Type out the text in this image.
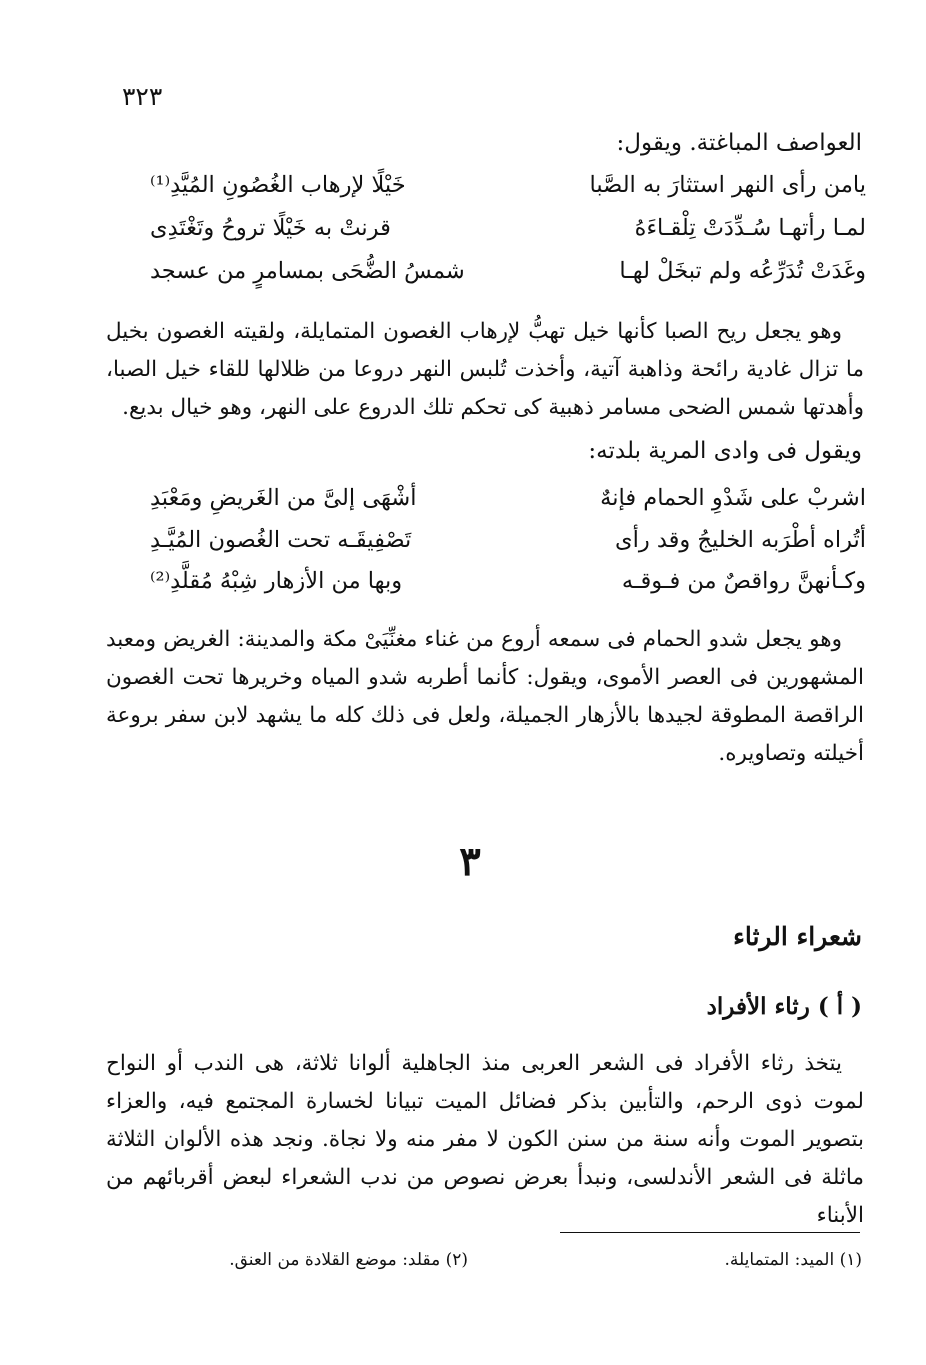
٣٢٣
العواصف المباغتة. ويقول:
يامن رأى النهر استثارَ به الصَّبا
خَيْلًا لإرهاب الغُصُونِ المُيَّدِ⁽¹⁾
لمـا رأتهـا سُـدِّدَتْ تِلْقـاءَهُ
قرنتْ به خَيْلًا تروحُ وتَغْتَدِى
وغَدَتْ تُدَرِّعُه ولم تبخَلْ لهـا
شمسُ الضُّحَى بمسامرٍ من عسجد
وهو يجعل ريح الصبا كأنها خيل تهبُّ لإرهاب الغصون المتمايلة، ولقيته الغصون بخيل ما تزال غادية رائحة وذاهبة آتية، وأخذت تُلبس النهر دروعا من ظلالها للقاء خيل الصبا، وأهدتها شمس الضحى مسامر ذهبية كى تحكم تلك الدروع على النهر، وهو خيال بديع.
ويقول فى وادى المرية بلدته:
اشربْ على شَدْوِ الحمام فإنهٌ
أشْهَى إلىَّ من الغَريضِ ومَعْبَدِ
أتُراه أطْرَبه الخليجُ وقد رأى
تَصْفِيقَـه تحت الغُصون المُيَّـدِ
وكـأنهنَّ رواقصٌ من فـوقـه
وبها من الأزهار شِبْهُ مُقلَّدِ⁽²⁾
وهو يجعل شدو الحمام فى سمعه أروع من غناء مغنِّيَىْ مكة والمدينة: الغريض ومعبد المشهورين فى العصر الأموى، ويقول: كأنما أطربه شدو المياه وخريرها تحت الغصون الراقصة المطوقة لجيدها بالأزهار الجميلة، ولعل فى ذلك كله ما يشهد لابن سفر بروعة أخيلته وتصاويره.
٣
شعراء الرثاء
( أ ) رثاء الأفراد
يتخذ رثاء الأفراد فى الشعر العربى منذ الجاهلية ألوانا ثلاثة، هى الندب أو النواح لموت ذوى الرحم، والتأبين بذكر فضائل الميت تبيانا لخسارة المجتمع فيه، والعزاء بتصوير الموت وأنه سنة من سنن الكون لا مفر منه ولا نجاة. ونجد هذه الألوان الثلاثة ماثلة فى الشعر الأندلسى، ونبدأ بعرض نصوص من ندب الشعراء لبعض أقربائهم من الأبناء
(١) الميد: المتمايلة.
(٢) مقلد: موضع القلادة من العنق.
